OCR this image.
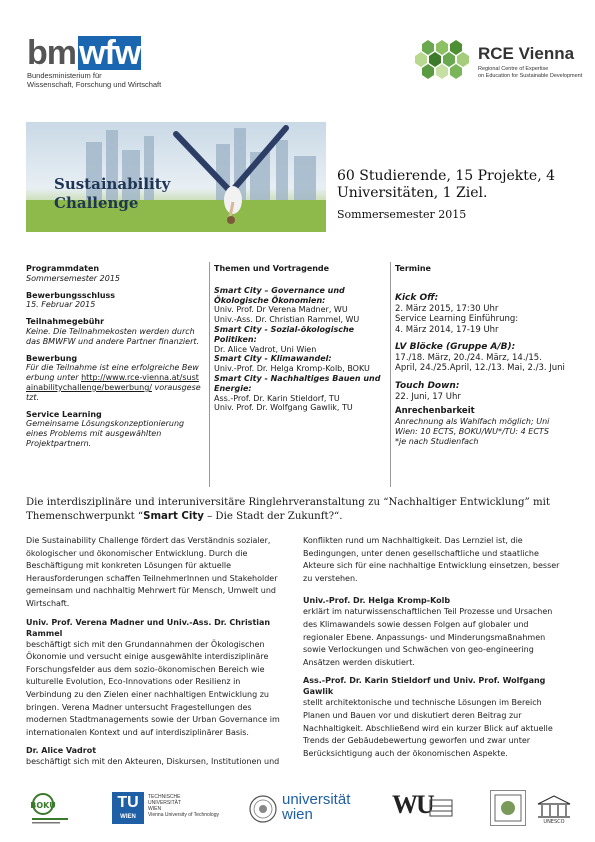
bmwfw
Bundesministerium für
Wissenschaft, Forschung und Wirtschaft
RCE Vienna
Regional Centre of Expertise
on Education for Sustainable Development
Sustainability
Challenge
60 Studierende, 15 Projekte, 4
Universitäten, 1 Ziel.
Sommersemester 2015
Programmdaten
Sommersemester 2015
Bewerbungsschluss
15. Februar 2015
Teilnahmegebühr
Keine. Die Teilnahmekosten werden durch das BMWFW und andere Partner finanziert.
Bewerbung
Für die Teilnahme ist eine erfolgreiche Bewerbung unter http://www.rce-vienna.at/sustainabilitychallenge/bewerbung/ vorausgesetzt.
Service Learning
Gemeinsame Lösungskonzeptionierung eines Problems mit ausgewählten Projektpartnern.
Themen und Vortragende
Smart City – Governance und Ökologische Ökonomien:
Univ. Prof. Dr Verena Madner, WU
Univ.-Ass. Dr. Christian Rammel, WU
Smart City - Sozial-ökologische Politiken:
Dr. Alice Vadrot, Uni Wien
Smart City - Klimawandel:
Univ.-Prof. Dr. Helga Kromp-Kolb, BOKU
Smart City - Nachhaltiges Bauen und Energie:
Ass.-Prof. Dr. Karin Stieldorf, TU
Univ. Prof. Dr. Wolfgang Gawlik, TU
Termine
Kick Off:
2. März 2015, 17:30 Uhr
Service Learning Einführung:
4. März 2014, 17-19 Uhr
LV Blöcke (Gruppe A/B):
17./18. März, 20./24. März, 14./15. April, 24./25.April, 12./13. Mai, 2./3. Juni
Touch Down:
22. Juni, 17 Uhr
Anrechenbarkeit
Anrechnung als Wahlfach möglich; Uni Wien: 10 ECTS, BOKU/WU*/TU: 4 ECTS
*je nach Studienfach
Die interdisziplinäre und interuniversitäre Ringlehrveranstaltung zu “Nachhaltiger Entwicklung” mit Themenschwerpunkt “Smart City – Die Stadt der Zukunft?“.

Die Sustainability Challenge fördert das Verständnis sozialer, ökologischer und ökonomischer Entwicklung. Durch die Beschäftigung mit konkreten Lösungen für aktuelle Herausforderungen schaffen TeilnehmerInnen und Stakeholder gemeinsam und nachhaltig Mehrwert für Mensch, Umwelt und Wirtschaft.

Univ. Prof. Verena Madner und Univ.-Ass. Dr. Christian Rammel

beschäftigt sich mit den Grundannahmen der Ökologischen Ökonomie und versucht einige ausgewählte interdisziplinäre Forschungsfelder aus dem sozio-ökonomischen Bereich wie kulturelle Evolution, Eco-Innovations oder Resilienz in Verbindung zu den Zielen einer nachhaltigen Entwicklung zu bringen. Verena Madner untersucht Fragestellungen des modernen Stadtmanagements sowie der Urban Governance im internationalen Kontext und auf interdisziplinärer Basis.

Dr. Alice Vadrot

beschäftigt sich mit den Akteuren, Diskursen, Institutionen und

Konflikten rund um Nachhaltigkeit. Das Lernziel ist, die Bedingungen, unter denen gesellschaftliche und staatliche Akteure sich für eine nachhaltige Entwicklung einsetzen, besser zu verstehen.

Univ.-Prof. Dr. Helga Kromp-Kolb

erklärt im naturwissenschaftlichen Teil Prozesse und Ursachen des Klimawandels sowie dessen Folgen auf globaler und regionaler Ebene. Anpassungs- und Minderungsmaßnahmen sowie Verlockungen und Schwächen von geo-engineering Ansätzen werden diskutiert.

Ass.-Prof. Dr. Karin Stieldorf und Univ. Prof. Wolfgang Gawlik

stellt architektonische und technische Lösungen im Bereich Planen und Bauen vor und diskutiert deren Beitrag zur Nachhaltigkeit. Abschließend wird ein kurzer Blick auf aktuelle Trends der Gebäudebewertung geworfen und zwar unter Berücksichtigung auch der ökonomischen Aspekte.

BOKU	TU
WIEN
TECHNISCHE
UNIVERSITÄT
WIEN
Vienna University of Technology
universität
wien	WU
UNESCO
